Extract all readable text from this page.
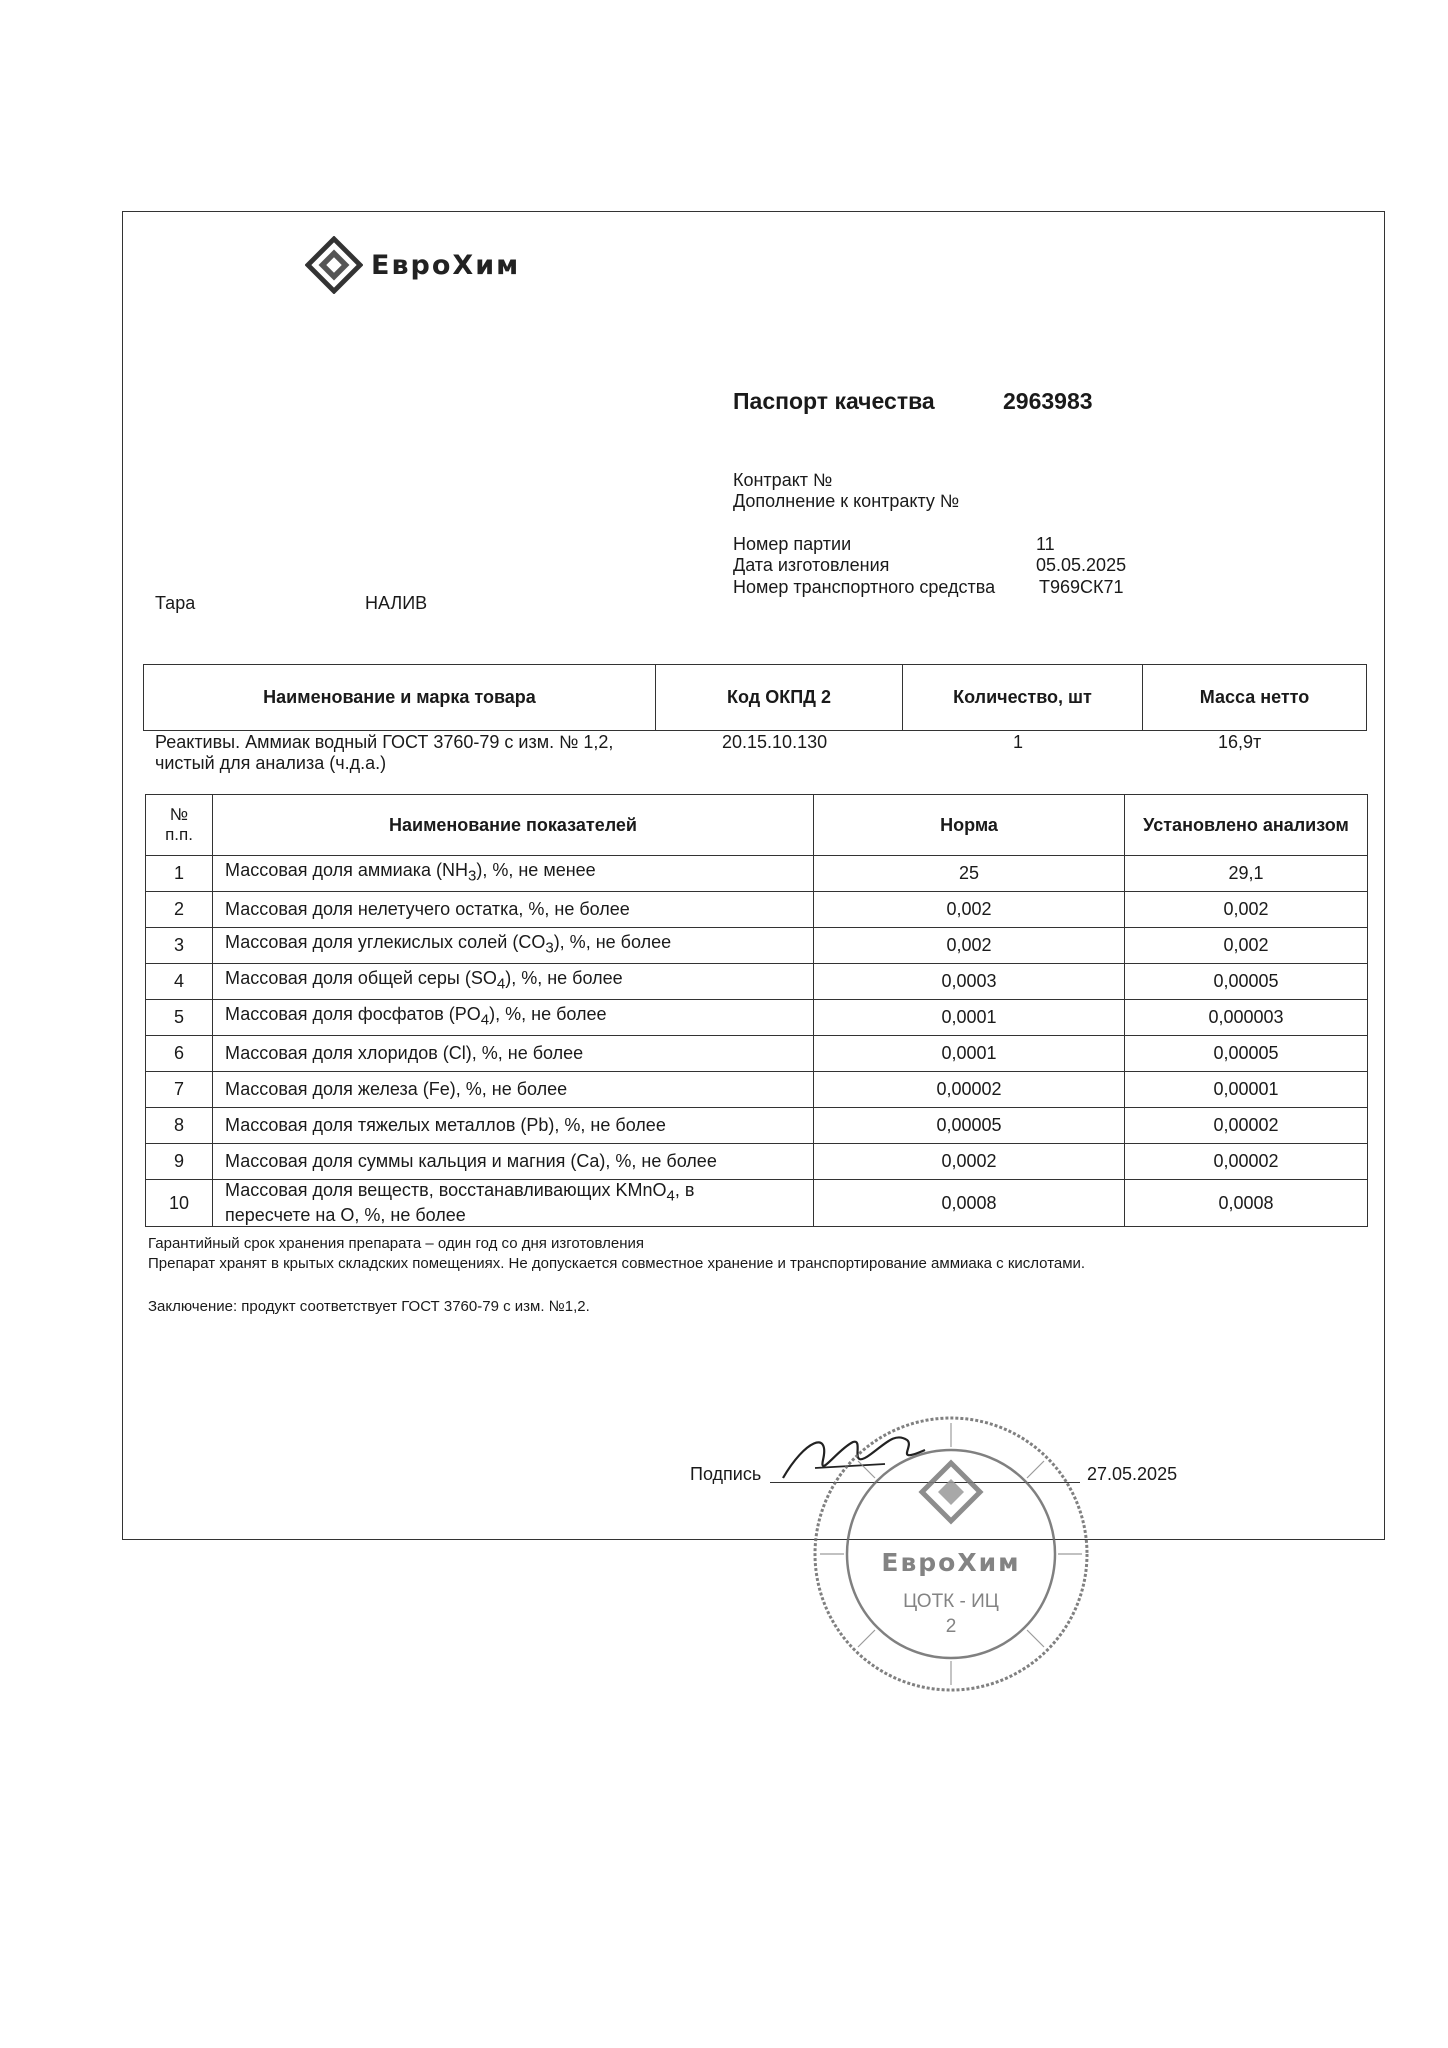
ЕвроХим
Паспорт качества	2963983
Контракт №
Дополнение к контракту №
Номер партии	11
Дата изготовления	05.05.2025
Номер транспортного средства Т969СК71
Тара	НАЛИВ
Наименование и марка товара	Код ОКПД 2	Количество, шт	Масса нетто
Реактивы. Аммиак водный ГОСТ 3760-79 с изм. № 1,2,
чистый для анализа (ч.д.а.)
20.15.10.130	1	16,9т
№
п.п.	Наименование показателей	Норма	Установлено анализом
1	Массовая доля аммиака $(NH_3)$, %, не менее	25	29,1
2	Массовая доля нелетучего остатка, %, не более	0,002	0,002
3	Массовая доля углекислых солей $(CO_3)$, %, не более	0,002	0,002
4	Массовая доля общей серы $(SO_4)$, %, не более	0,0003	0,00005
5	Массовая доля фосфатов $(PO_4)$, %, не более	0,0001	0,000003
6	Массовая доля хлоридов (Cl), %, не более	0,0001	0,00005
7	Массовая доля железа (Fe), %, не более	0,00002	0,00001
8	Массовая доля тяжелых металлов (Pb), %, не более	0,00005	0,00002
9	Массовая доля суммы кальция и магния (Ca), %, не более	0,0002	0,00002
10	Массовая доля веществ, восстанавливающих KMnO$_4$, в
пересчете на O, %, не более	0,0008	0,0008
Гарантийный срок хранения препарата – один год со дня изготовления
Препарат хранят в крытых складских помещениях. Не допускается совместное хранение и транспортирование аммиака с кислотами.
Заключение: продукт соответствует ГОСТ 3760-79 с изм. №1,2.
Подпись	27.05.2025
ЕвроХим
ЦОТК - ИЦ
2
